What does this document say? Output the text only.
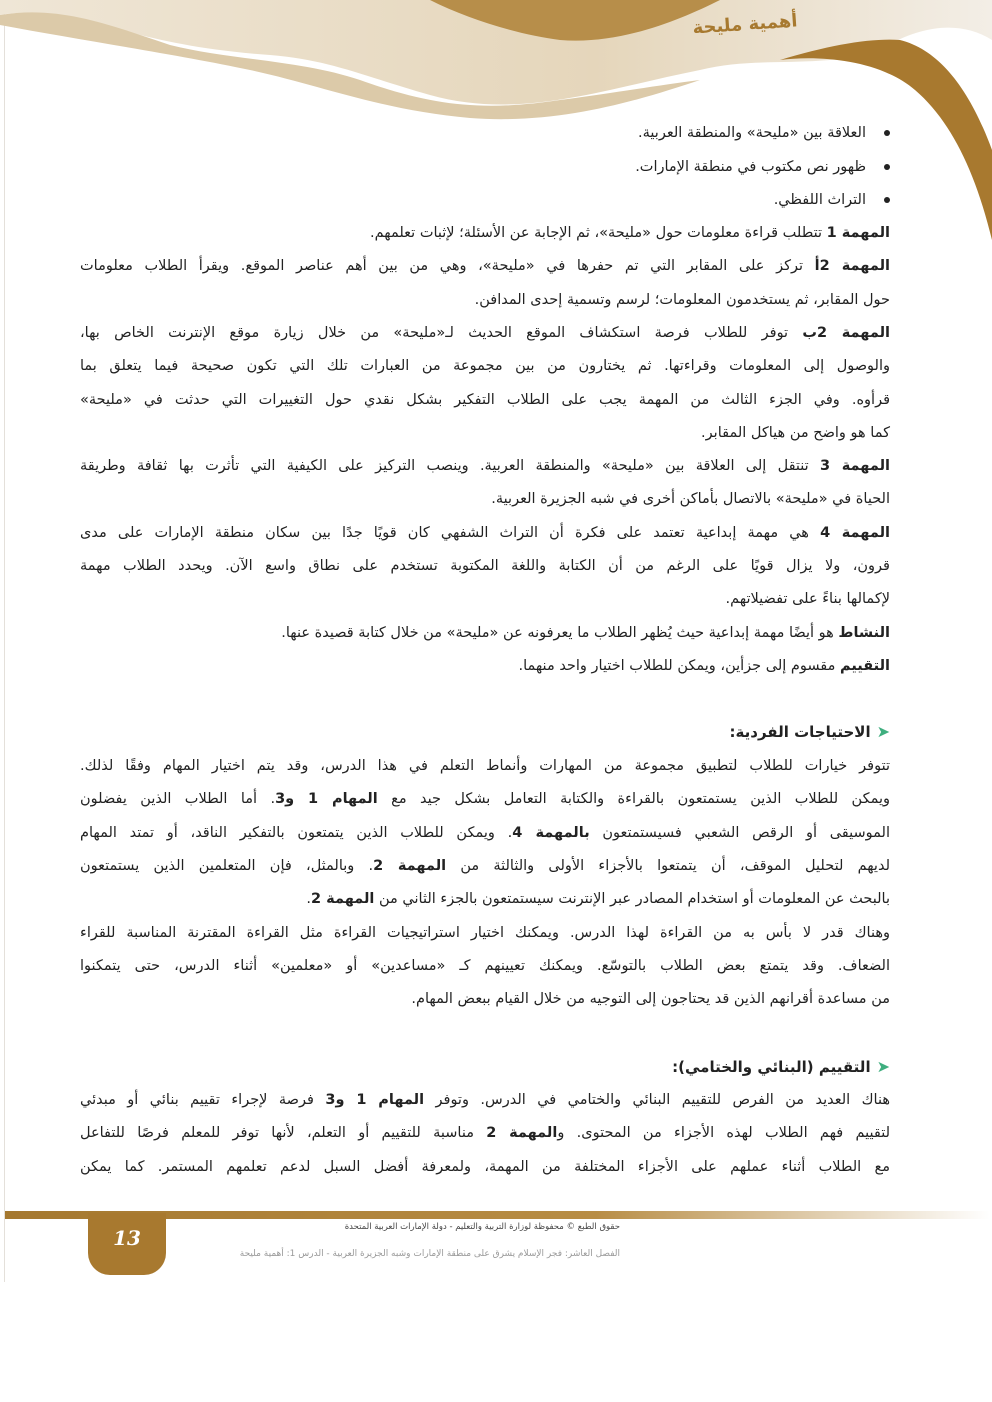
أهمية مليحة
العلاقة بين «مليحة» والمنطقة العربية.
ظهور نص مكتوب في منطقة الإمارات.
التراث اللفظي.
المهمة 1 تتطلب قراءة معلومات حول «مليحة»، ثم الإجابة عن الأسئلة؛ لإثبات تعلمهم.
المهمة 2أ تركز على المقابر التي تم حفرها في «مليحة»، وهي من بين أهم عناصر الموقع. ويقرأ الطلاب معلومات
حول المقابر، ثم يستخدمون المعلومات؛ لرسم وتسمية إحدى المدافن.
المهمة 2ب توفر للطلاب فرصة استكشاف الموقع الحديث لـ«مليحة» من خلال زيارة موقع الإنترنت الخاص بها،
والوصول إلى المعلومات وقراءتها. ثم يختارون من بين مجموعة من العبارات تلك التي تكون صحيحة فيما يتعلق بما
قرأوه. وفي الجزء الثالث من المهمة يجب على الطلاب التفكير بشكل نقدي حول التغييرات التي حدثت في «مليحة»
كما هو واضح من هياكل المقابر.
المهمة 3 تنتقل إلى العلاقة بين «مليحة» والمنطقة العربية. وينصب التركيز على الكيفية التي تأثرت بها ثقافة وطريقة
الحياة في «مليحة» بالاتصال بأماكن أخرى في شبه الجزيرة العربية.
المهمة 4 هي مهمة إبداعية تعتمد على فكرة أن التراث الشفهي كان قويًا جدًا بين سكان منطقة الإمارات على مدى
قرون، ولا يزال قويًا على الرغم من أن الكتابة واللغة المكتوبة تستخدم على نطاق واسع الآن. ويحدد الطلاب مهمة
لإكمالها بناءً على تفضيلاتهم.
النشاط هو أيضًا مهمة إبداعية حيث يُظهر الطلاب ما يعرفونه عن «مليحة» من خلال كتابة قصيدة عنها.
التقييم مقسوم إلى جزأين، ويمكن للطلاب اختيار واحد منهما.
➤الاحتياجات الفردية:
تتوفر خيارات للطلاب لتطبيق مجموعة من المهارات وأنماط التعلم في هذا الدرس، وقد يتم اختيار المهام وفقًا لذلك.
ويمكن للطلاب الذين يستمتعون بالقراءة والكتابة التعامل بشكل جيد مع المهام 1 و3. أما الطلاب الذين يفضلون
الموسيقى أو الرقص الشعبي فسيستمتعون بالمهمة 4. ويمكن للطلاب الذين يتمتعون بالتفكير الناقد، أو تمتد المهام
لديهم لتحليل الموقف، أن يتمتعوا بالأجزاء الأولى والثالثة من المهمة 2. وبالمثل، فإن المتعلمين الذين يستمتعون
بالبحث عن المعلومات أو استخدام المصادر عبر الإنترنت سيستمتعون بالجزء الثاني من المهمة 2.
وهناك قدر لا بأس به من القراءة لهذا الدرس. ويمكنك اختيار استراتيجيات القراءة مثل القراءة المقترنة المناسبة للقراء
الضعاف. وقد يتمتع بعض الطلاب بالتوسّع. ويمكنك تعيينهم كـ «مساعدين» أو «معلمين» أثناء الدرس، حتى يتمكنوا
من مساعدة أقرانهم الذين قد يحتاجون إلى التوجيه من خلال القيام ببعض المهام.
➤التقييم (البنائي والختامي):
هناك العديد من الفرص للتقييم البنائي والختامي في الدرس. وتوفر المهام 1 و3 فرصة لإجراء تقييم بنائي أو مبدئي
لتقييم فهم الطلاب لهذه الأجزاء من المحتوى. والمهمة 2 مناسبة للتقييم أو التعلم، لأنها توفر للمعلم فرصًا للتفاعل
مع الطلاب أثناء عملهم على الأجزاء المختلفة من المهمة، ولمعرفة أفضل السبل لدعم تعلمهم المستمر. كما يمكن
13	حقوق الطبع © محفوظة لوزارة التربية والتعليم - دولة الإمارات العربية المتحدة
الفصل العاشر: فجر الإسلام يشرق على منطقة الإمارات وشبه الجزيرة العربية - الدرس 1: أهمية مليحة
